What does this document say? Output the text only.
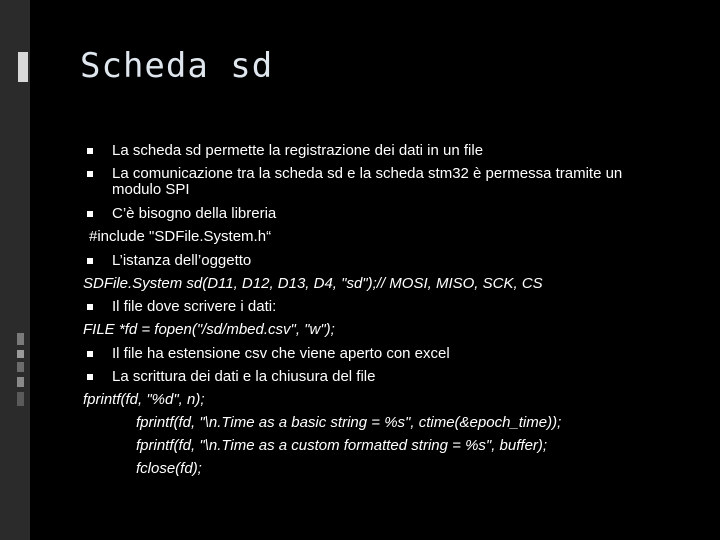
Scheda sd
La scheda sd permette la registrazione dei dati in un file
La comunicazione tra la scheda sd e la scheda stm32 è permessa tramite un
modulo SPI
C’è bisogno della libreria
#include "SDFile.System.h“
L’istanza dell’oggetto
SDFile.System sd(D11, D12, D13, D4, "sd");// MOSI, MISO, SCK, CS
Il file dove scrivere i dati:
FILE *fd = fopen("/sd/mbed.csv", "w");
Il file ha estensione csv che viene aperto con excel
La scrittura dei dati e la chiusura del file
fprintf(fd, "%d", n);
fprintf(fd, "\n.Time as a basic string = %s", ctime(&epoch_time));
fprintf(fd, "\n.Time as a custom formatted string = %s", buffer);
fclose(fd);
